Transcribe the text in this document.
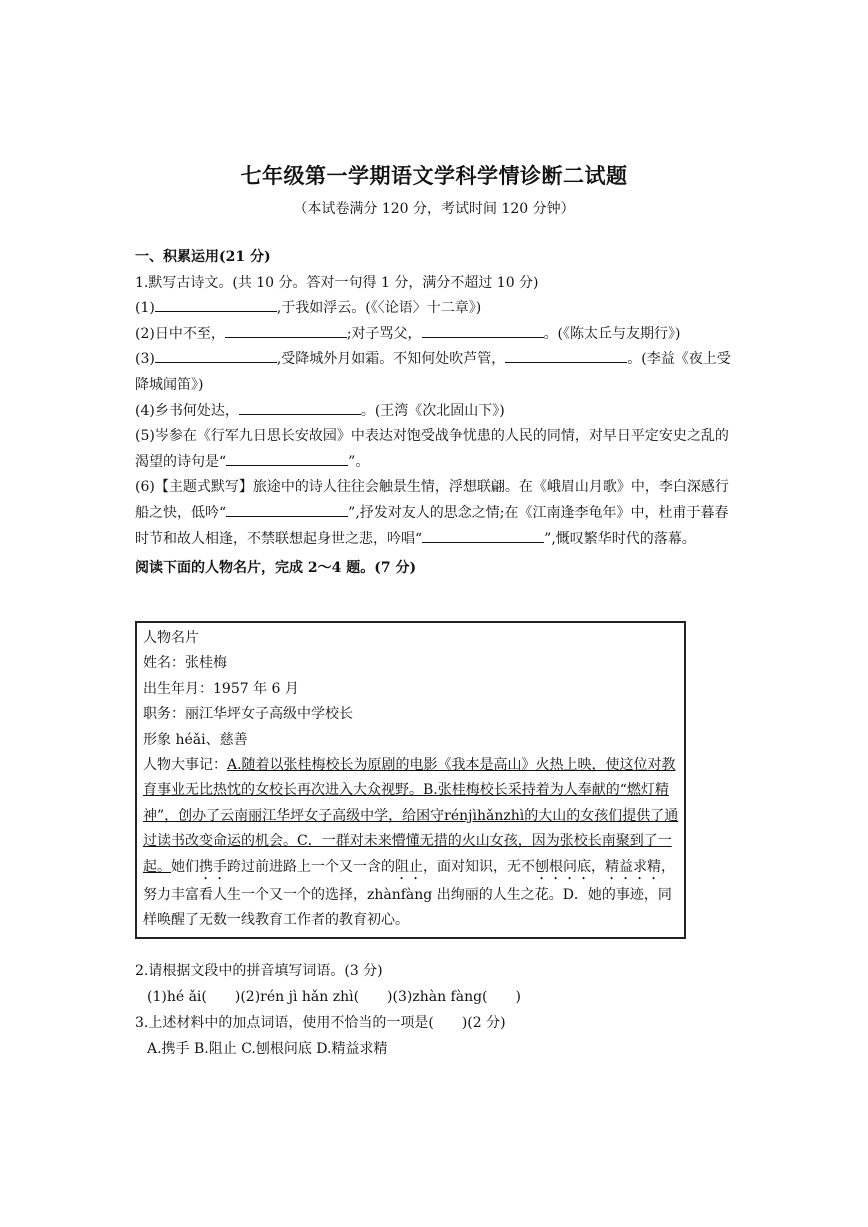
七年级第一学期语文学科学情诊断二试题
（本试卷满分 120 分，考试时间 120 分钟）

一、积累运用(21 分)

1.默写古诗文。(共 10 分。答对一句得 1 分，满分不超过 10 分)

(1)	,于我如浮云。(《〈论语〉十二章》)

(2)日中不至，	;对子骂父，	。(《陈太丘与友期行》)

(3)	,受降城外月如霜。不知何处吹芦管，	。(李益《夜上受降城闻笛》)

(4)乡书何处达，	。(王湾《次北固山下》)

(5)岑参在《行军九日思长安故园》中表达对饱受战争忧患的人民的同情，对早日平定安史之乱的渴望的诗句是“	”。

(6)【主题式默写】旅途中的诗人往往会触景生情，浮想联翩。在《峨眉山月歌》中，李白深感行船之快，低吟“	”,抒发对友人的思念之情;在《江南逢李龟年》中，杜甫于暮春时节和故人相逢，不禁联想起身世之悲，吟唱“	”,慨叹繁华时代的落幕。

阅读下面的人物名片，完成 2～4 题。(7 分)

人物名片

姓名：张桂梅

出生年月：1957 年 6 月

职务：丽江华坪女子高级中学校长

形象 héǎi、慈善

人物大事记：A.随着以张桂梅校长为原剧的电影《我本是高山》火热上映，使这位对教育事业无比热忱的女校长再次进入大众视野。B.张桂梅校长采持着为人奉献的“燃灯精神”，创办了云南丽江华坪女子高级中学，给困守rénjìhǎnzhì的大山的女孩们提供了通过读书改变命运的机会。C．一群对未来懵懂无措的火山女孩，因为张校长南聚到了一起。她们携手跨过前进路上一个又一含的阻止，面对知识，无不刨根问底，精益求精，努力丰富看人生一个又一个的选择，zhànfàng 出绚丽的人生之花。D．她的事迹，同样唤醒了无数一线教育工作者的教育初心。

2.请根据文段中的拼音填写词语。(3 分)

(1)hé ǎi(　　)(2)rén jì hǎn zhì(　　)(3)zhàn fàng(　　)

3.上述材料中的加点词语，使用不恰当的一项是(　　)(2 分)

A.携手 B.阻止 C.刨根问底 D.精益求精
